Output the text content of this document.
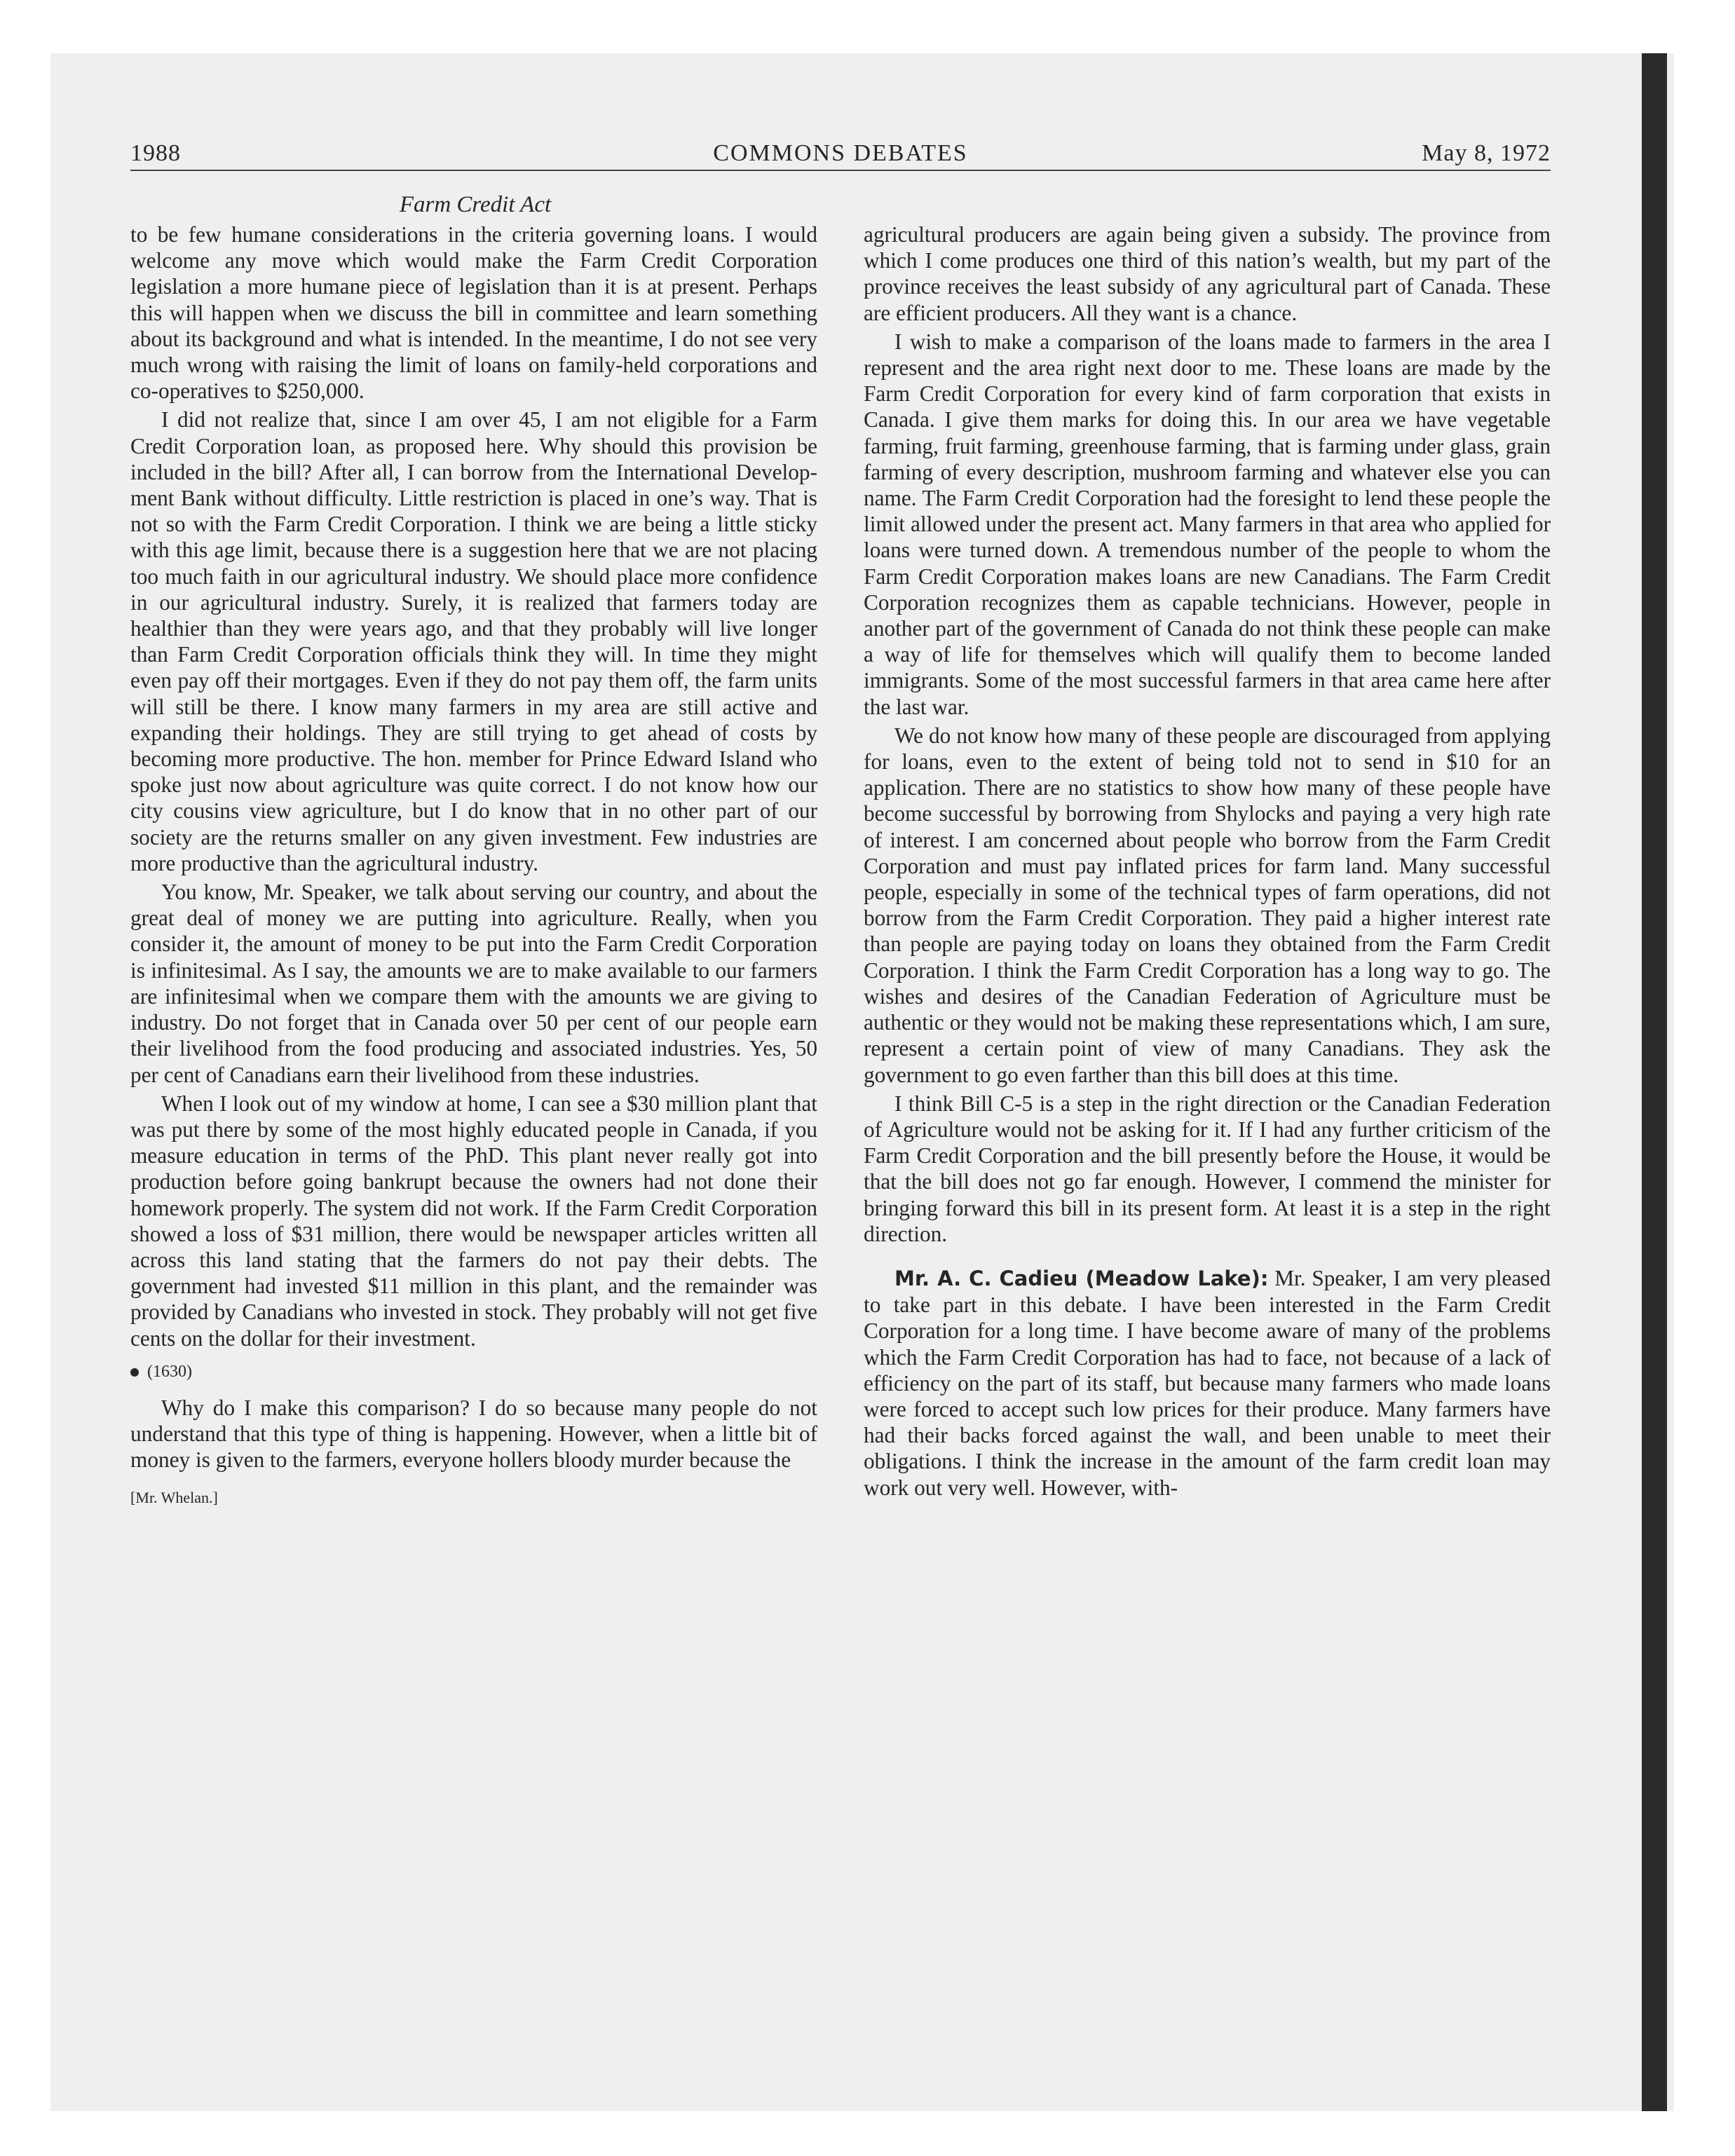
1988	COMMONS DEBATES	May 8, 1972
Farm Credit Act

to be few humane considerations in the criteria governing loans. I would welcome any move which would make the Farm Credit Corporation legislation a more humane piece of legislation than it is at present. Perhaps this will happen when we discuss the bill in committee and learn something about its background and what is intended. In the meantime, I do not see very much wrong with raising the limit of loans on family-held corporations and co-operatives to $250,000.

I did not realize that, since I am over 45, I am not eligible for a Farm Credit Corporation loan, as proposed here. Why should this provision be included in the bill? After all, I can borrow from the International Development Bank without difficulty. Little restriction is placed in one’s way. That is not so with the Farm Credit Corporation. I think we are being a little sticky with this age limit, because there is a suggestion here that we are not placing too much faith in our agricultural industry. We should place more confidence in our agricultural industry. Surely, it is realized that farmers today are healthier than they were years ago, and that they probably will live longer than Farm Credit Corporation officials think they will. In time they might even pay off their mortgages. Even if they do not pay them off, the farm units will still be there. I know many farmers in my area are still active and expanding their holdings. They are still trying to get ahead of costs by becoming more productive. The hon. member for Prince Edward Island who spoke just now about agriculture was quite correct. I do not know how our city cousins view agriculture, but I do know that in no other part of our society are the returns smaller on any given investment. Few industries are more productive than the agricultural industry.

You know, Mr. Speaker, we talk about serving our country, and about the great deal of money we are putting into agriculture. Really, when you consider it, the amount of money to be put into the Farm Credit Corporation is infinitesimal. As I say, the amounts we are to make available to our farmers are infinitesimal when we compare them with the amounts we are giving to industry. Do not forget that in Canada over 50 per cent of our people earn their livelihood from the food producing and associated industries. Yes, 50 per cent of Canadians earn their livelihood from these industries.

When I look out of my window at home, I can see a $30 million plant that was put there by some of the most highly educated people in Canada, if you measure education in terms of the PhD. This plant never really got into production before going bankrupt because the owners had not done their homework properly. The system did not work. If the Farm Credit Corporation showed a loss of $31 million, there would be newspaper articles written all across this land stating that the farmers do not pay their debts. The government had invested $11 million in this plant, and the remainder was provided by Canadians who invested in stock. They probably will not get five cents on the dollar for their investment.

(1630)

Why do I make this comparison? I do so because many people do not understand that this type of thing is happening. However, when a little bit of money is given to the farmers, everyone hollers bloody murder because the

[Mr. Whelan.]

agricultural producers are again being given a subsidy. The province from which I come produces one third of this nation’s wealth, but my part of the province receives the least subsidy of any agricultural part of Canada. These are efficient producers. All they want is a chance.

I wish to make a comparison of the loans made to farmers in the area I represent and the area right next door to me. These loans are made by the Farm Credit Corporation for every kind of farm corporation that exists in Canada. I give them marks for doing this. In our area we have vegetable farming, fruit farming, greenhouse farming, that is farming under glass, grain farming of every description, mushroom farming and whatever else you can name. The Farm Credit Corporation had the foresight to lend these people the limit allowed under the present act. Many farmers in that area who applied for loans were turned down. A tremendous number of the people to whom the Farm Credit Corporation makes loans are new Canadians. The Farm Credit Corporation recognizes them as capable technicians. However, people in another part of the government of Canada do not think these people can make a way of life for themselves which will qualify them to become landed immigrants. Some of the most successful farmers in that area came here after the last war.

We do not know how many of these people are discouraged from applying for loans, even to the extent of being told not to send in $10 for an application. There are no statistics to show how many of these people have become successful by borrowing from Shylocks and paying a very high rate of interest. I am concerned about people who borrow from the Farm Credit Corporation and must pay inflated prices for farm land. Many successful people, especially in some of the technical types of farm operations, did not borrow from the Farm Credit Corporation. They paid a higher interest rate than people are paying today on loans they obtained from the Farm Credit Corporation. I think the Farm Credit Corporation has a long way to go. The wishes and desires of the Canadian Federation of Agriculture must be authentic or they would not be making these representations which, I am sure, represent a certain point of view of many Canadians. They ask the government to go even farther than this bill does at this time.

I think Bill C-5 is a step in the right direction or the Canadian Federation of Agriculture would not be asking for it. If I had any further criticism of the Farm Credit Corporation and the bill presently before the House, it would be that the bill does not go far enough. However, I commend the minister for bringing forward this bill in its present form. At least it is a step in the right direction.

Mr. A. C. Cadieu (Meadow Lake): Mr. Speaker, I am very pleased to take part in this debate. I have been interested in the Farm Credit Corporation for a long time. I have become aware of many of the problems which the Farm Credit Corporation has had to face, not because of a lack of efficiency on the part of its staff, but because many farmers who made loans were forced to accept such low prices for their produce. Many farmers have had their backs forced against the wall, and been unable to meet their obligations. I think the increase in the amount of the farm credit loan may work out very well. However, with-
